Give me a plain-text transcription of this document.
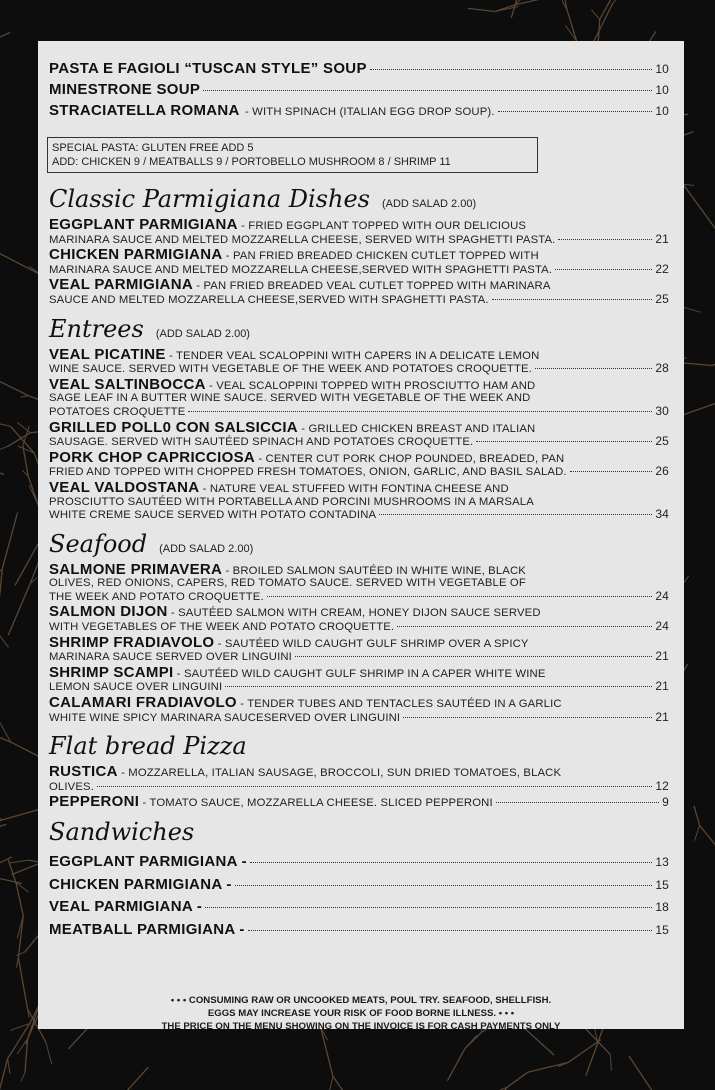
PASTA E FAGIOLI “TUSCAN STYLE” SOUP	10
MINESTRONE SOUP	10
STRACIATELLA ROMANA - WITH SPINACH (ITALIAN EGG DROP SOUP).	10
SPECIAL PASTA: GLUTEN FREE ADD 5
ADD: CHICKEN 9 / MEATBALLS 9 / PORTOBELLO MUSHROOM 8 / SHRIMP 11
Classic Parmigiana Dishes (ADD SALAD 2.00)
EGGPLANT PARMIGIANA - FRIED EGGPLANT TOPPED WITH OUR DELICIOUS
MARINARA SAUCE AND MELTED MOZZARELLA CHEESE, SERVED WITH SPAGHETTI PASTA.	21
CHICKEN PARMIGIANA - PAN FRIED BREADED CHICKEN CUTLET TOPPED WITH
MARINARA SAUCE AND MELTED MOZZARELLA CHEESE,SERVED WITH SPAGHETTI PASTA.	22
VEAL PARMIGIANA - PAN FRIED BREADED VEAL CUTLET TOPPED WITH MARINARA
SAUCE AND MELTED MOZZARELLA CHEESE,SERVED WITH SPAGHETTI PASTA.	25
Entrees (ADD SALAD 2.00)
VEAL PICATINE - TENDER VEAL SCALOPPINI WITH CAPERS IN A DELICATE LEMON
WINE SAUCE. SERVED WITH VEGETABLE OF THE WEEK AND POTATOES CROQUETTE.	28
VEAL SALTINBOCCA - VEAL SCALOPPINI TOPPED WITH PROSCIUTTO HAM AND
SAGE LEAF IN A BUTTER WINE SAUCE. SERVED WITH VEGETABLE OF THE WEEK AND
POTATOES CROQUETTE	30
GRILLED POLL0 CON SALSICCIA - GRILLED CHICKEN BREAST AND ITALIAN
SAUSAGE. SERVED WITH SAUTÉED SPINACH AND POTATOES CROQUETTE.	25
PORK CHOP CAPRICCIOSA - CENTER CUT PORK CHOP POUNDED, BREADED, PAN
FRIED AND TOPPED WITH CHOPPED FRESH TOMATOES, ONION, GARLIC, AND BASIL SALAD.	26
VEAL VALDOSTANA - NATURE VEAL STUFFED WITH FONTINA CHEESE AND
PROSCIUTTO SAUTÉED WITH PORTABELLA AND PORCINI MUSHROOMS IN A MARSALA
WHITE CREME SAUCE SERVED WITH POTATO CONTADINA	34
Seafood (ADD SALAD 2.00)
SALMONE PRIMAVERA - BROILED SALMON SAUTÉED IN WHITE WINE, BLACK
OLIVES, RED ONIONS, CAPERS, RED TOMATO SAUCE. SERVED WITH VEGETABLE OF
THE WEEK AND POTATO CROQUETTE.	24
SALMON DIJON - SAUTÉED SALMON WITH CREAM, HONEY DIJON SAUCE SERVED
WITH VEGETABLES OF THE WEEK AND POTATO CROQUETTE.	24
SHRIMP FRADIAVOLO - SAUTÉED WILD CAUGHT GULF SHRIMP OVER A SPICY
MARINARA SAUCE SERVED OVER LINGUINI	21
SHRIMP SCAMPI - SAUTÉED WILD CAUGHT GULF SHRIMP IN A CAPER WHITE WINE
LEMON SAUCE OVER LINGUINI	21
CALAMARI FRADIAVOLO - TENDER TUBES AND TENTACLES SAUTÉED IN A GARLIC
WHITE WINE SPICY MARINARA SAUCESERVED OVER LINGUINI	21
Flat bread Pizza
RUSTICA - MOZZARELLA, ITALIAN SAUSAGE, BROCCOLI, SUN DRIED TOMATOES, BLACK
OLIVES.	12
PEPPERONI - TOMATO SAUCE, MOZZARELLA CHEESE. SLICED PEPPERONI	9
Sandwiches
EGGPLANT PARMIGIANA -	13
CHICKEN PARMIGIANA -	15
VEAL PARMIGIANA -	18
MEATBALL PARMIGIANA -	15
• • • CONSUMING RAW OR UNCOOKED MEATS, POUL TRY. SEAFOOD, SHELLFISH.
EGGS MAY INCREASE YOUR RISK OF FOOD BORNE ILLNESS. • • •
THE PRICE ON THE MENU SHOWING ON THE INVOICE IS FOR CASH PAYMENTS ONLY
